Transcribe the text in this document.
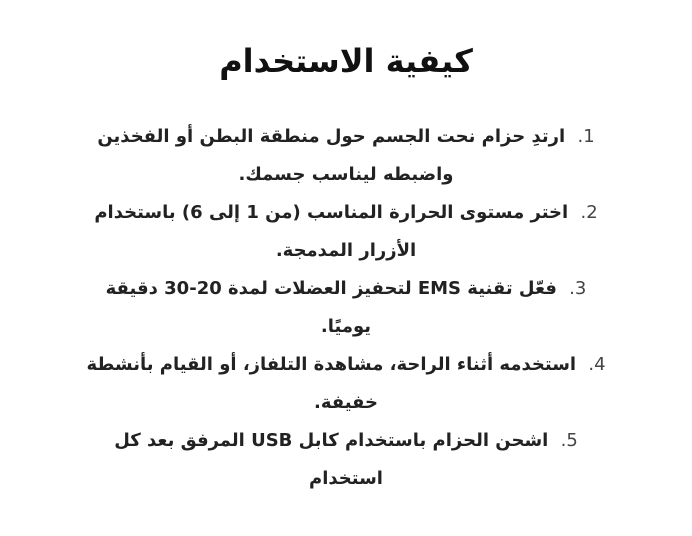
كيفية الاستخدام
1. ارتدِ حزام نحت الجسم حول منطقة البطن أو الفخذين واضبطه ليناسب جسمك.
2. اختر مستوى الحرارة المناسب (من 1 إلى 6) باستخدام الأزرار المدمجة.
3. فعّل تقنية EMS لتحفيز العضلات لمدة 20-30 دقيقة يوميًا.
4. استخدمه أثناء الراحة، مشاهدة التلفاز، أو القيام بأنشطة خفيفة.
5. اشحن الحزام باستخدام كابل USB المرفق بعد كل استخدام
